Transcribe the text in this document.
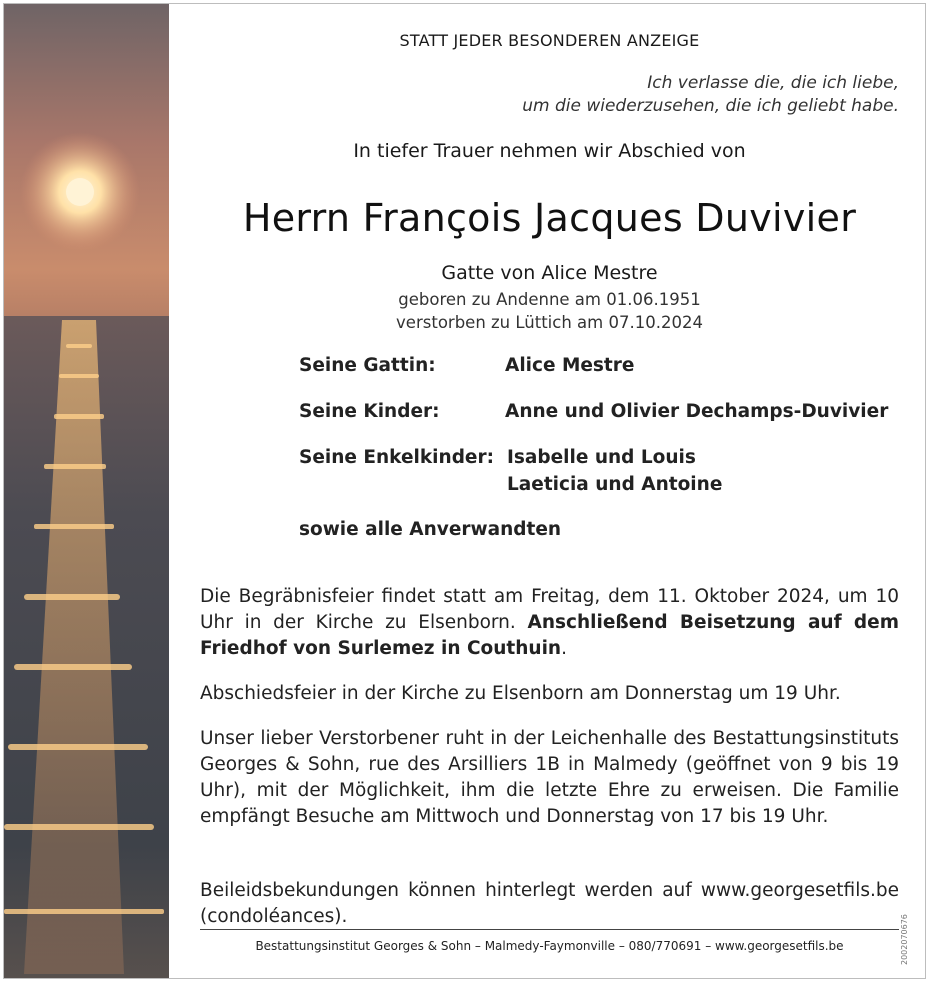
STATT JEDER BESONDEREN ANZEIGE

Ich verlasse die, die ich liebe,
um die wiederzusehen, die ich geliebt habe.

In tiefer Trauer nehmen wir Abschied von

Herrn François Jacques Duvivier

Gatte von Alice Mestre

geboren zu Andenne am 01.06.1951

verstorben zu Lüttich am 07.10.2024

Seine Gattin:	Alice Mestre
Seine Kinder:	Anne und Olivier Dechamps-Duvivier
Seine Enkelkinder: Isabelle und Louis
Laeticia und Antoine
sowie alle Anverwandten

Die Begräbnisfeier findet statt am Freitag, dem 11. Oktober 2024, um 10 Uhr in der Kirche zu Elsenborn. Anschließend Beisetzung auf dem Friedhof von Surlemez in Couthuin.

Abschiedsfeier in der Kirche zu Elsenborn am Donnerstag um 19 Uhr.

Unser lieber Verstorbener ruht in der Leichenhalle des Bestattungsinstituts Georges & Sohn, rue des Arsilliers 1B in Malmedy (geöffnet von 9 bis 19 Uhr), mit der Möglichkeit, ihm die letzte Ehre zu erweisen. Die Familie empfängt Besuche am Mittwoch und Donnerstag von 17 bis 19 Uhr.

Beileidsbekundungen können hinterlegt werden auf www.georgesetfils.be (condoléances).

Bestattungsinstitut Georges & Sohn – Malmedy-Faymonville – 080/770691 – www.georgesetfils.be	2002070676
